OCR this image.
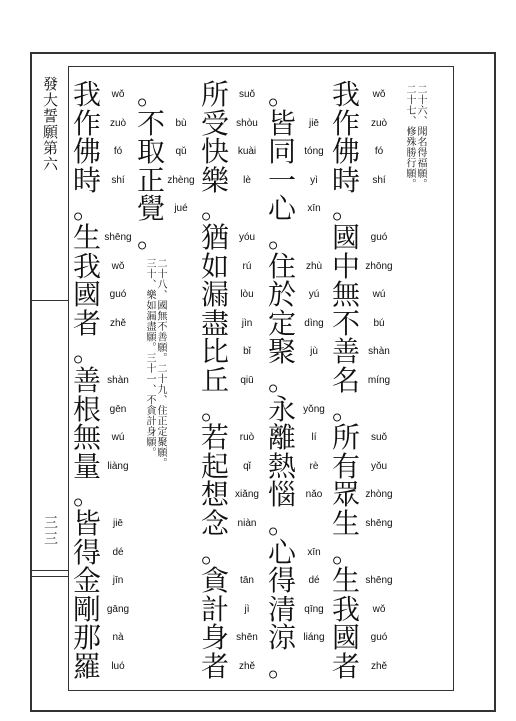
發大誓願第六
三三
二十六、聞名得福願。
二十七、修殊勝行願。
二十八、國無不善願。二十九、住正定聚願。
三十、樂如漏盡願。三十一、不貪計身願。
我	wǒ
作	zuò
佛	fó
時	shí
。
國	guó
中 zhōng
無	wú
不	bú
善 shàn
名 míng
。
所	suǒ
有	yǒu
眾 zhòng
生 shēng
。
生 shēng
我	wǒ
國	guó
者	zhě
。
皆	jiē
同 tóng
一	yì
心	xīn
。
住 zhù
於	yú
定 dìng
聚	jù
。
永 yǒng
離	lí
熱	rè
惱 nǎo
。
心	xīn
得	dé
清 qīng
涼 liáng
。
所 suǒ
受 shòu
快 kuài
樂	lè
。
猶 yóu
如	rú
漏	lòu
盡	jìn
比	bǐ
丘	qiū
。
若	ruò
起	qǐ
想 xiǎng
念 niàn
。
貪	tān
計	jì
身 shēn
者 zhě
。
不	bù
取	qǔ
正 zhèng
覺 jué
。
我	wǒ
作 zuò
佛	fó
時	shí
。
生 shēng
我	wǒ
國 guó
者 zhě
。
善 shàn
根 gēn
無	wú
量 liàng
。
皆	jiē
得	dé
金	jīn
剛 gāng
那	nà
羅	luó
